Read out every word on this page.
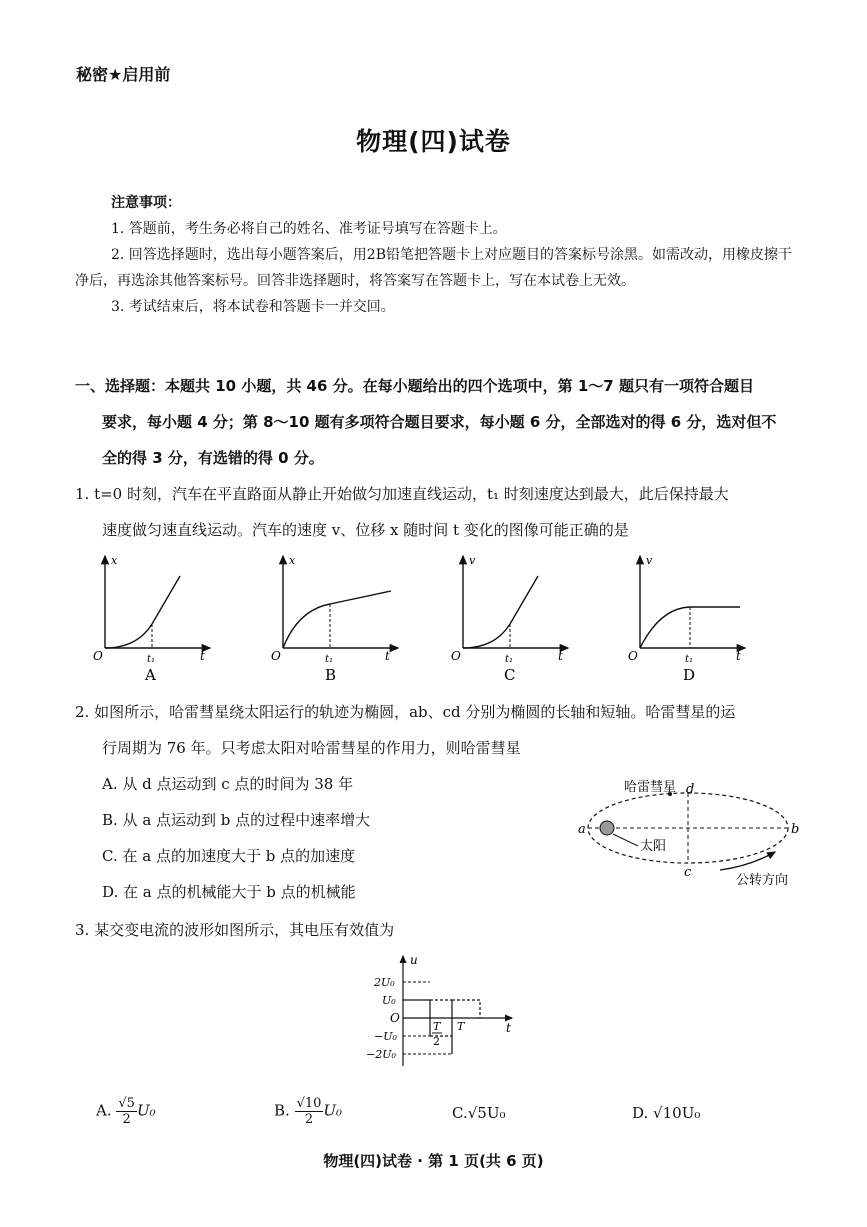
秘密★启用前
物理(四)试卷
注意事项：
1. 答题前，考生务必将自己的姓名、准考证号填写在答题卡上。
2. 回答选择题时，选出每小题答案后，用2B铅笔把答题卡上对应题目的答案标号涂黑。如需改动，用橡皮擦干净后，再选涂其他答案标号。回答非选择题时，将答案写在答题卡上，写在本试卷上无效。
3. 考试结束后，将本试卷和答题卡一并交回。
一、选择题：本题共 10 小题，共 46 分。在每小题给出的四个选项中，第 1～7 题只有一项符合题目
要求，每小题 4 分；第 8～10 题有多项符合题目要求，每小题 6 分，全部选对的得 6 分，选对但不
全的得 3 分，有选错的得 0 分。
1. t=0 时刻，汽车在平直路面从静止开始做匀加速直线运动，t₁ 时刻速度达到最大，此后保持最大
速度做匀速直线运动。汽车的速度 v、位移 x 随时间 t 变化的图像可能正确的是
x
O	t₁	t
A
x
O	t₁	t
B
v
O	t₁	t
C
v
O	t₁	t
D
2. 如图所示，哈雷彗星绕太阳运行的轨迹为椭圆，ab、cd 分别为椭圆的长轴和短轴。哈雷彗星的运
行周期为 76 年。只考虑太阳对哈雷彗星的作用力，则哈雷彗星
A. 从 d 点运动到 c 点的时间为 38 年
B. 从 a 点运动到 b 点的过程中速率增大
C. 在 a 点的加速度大于 b 点的加速度
D. 在 a 点的机械能大于 b 点的机械能
哈雷彗星 d
a	b
c
太阳
公转方向
3. 某交变电流的波形如图所示，其电压有效值为
u
t
O
2U₀
U₀
−U₀
−2U₀
T
2
T
A. $\frac{√5}{2} U_0$	B. $\frac{√10}{2} U_0$	C.√5U₀	D. √10U₀
物理(四)试卷 · 第 1 页(共 6 页)
